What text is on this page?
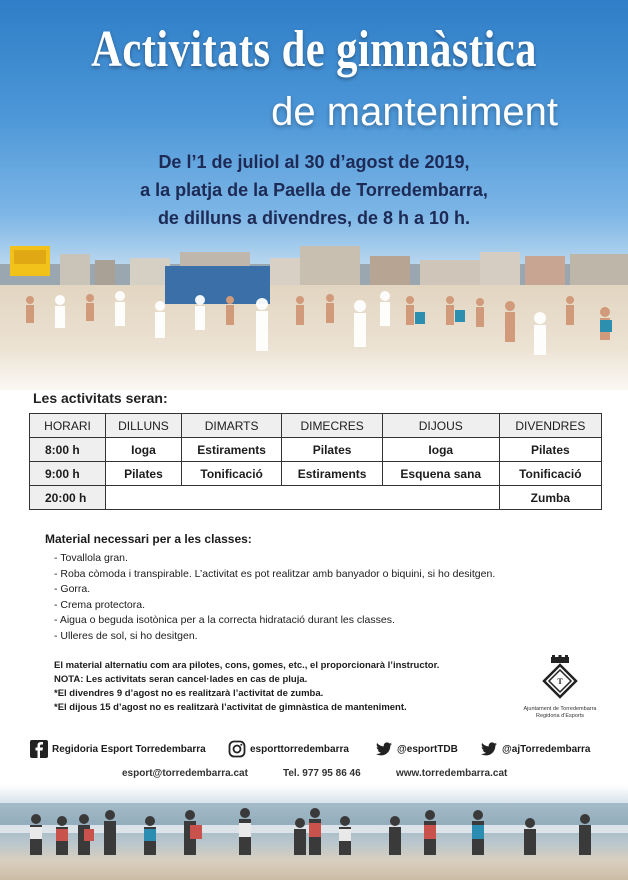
Activitats de gimnàstica
de manteniment
De l’1 de juliol al 30 d’agost de 2019,
a la platja de la Paella de Torredembarra,
de dilluns a divendres, de 8 h a 10 h.
Les activitats seran:
HORARI	DILLUNS	DIMARTS	DIMECRES	DIJOUS	DIVENDRES
8:00 h	Ioga	Estiraments	Pilates	Ioga	Pilates
9:00 h	Pilates	Tonificació	Estiraments	Esquena sana	Tonificació
20:00 h					Zumba
Material necessari per a les classes:
- Tovallola gran.
- Roba còmoda i transpirable. L’activitat es pot realitzar amb banyador o biquini, si ho desitgen.
- Gorra.
- Crema protectora.
- Aigua o beguda isotònica per a la correcta hidratació durant les classes.
- Ulleres de sol, si ho desitgen.
El material alternatiu com ara pilotes, cons, gomes, etc., el proporcionarà l’instructor.
NOTA: Les activitats seran cancel·lades en cas de pluja.
*El divendres 9 d’agost no es realitzarà l’activitat de zumba.
*El dijous 15 d’agost no es realitzarà l’activitat de gimnàstica de manteniment.
T
Ajuntament de Torredembarra
Regidoria d’Esports
Regidoria Esport Torredembarra	esporttorredembarra	@esportTDB	@ajTorredembarra
esport@torredembarra.cat	Tel. 977 95 86 46	www.torredembarra.cat
